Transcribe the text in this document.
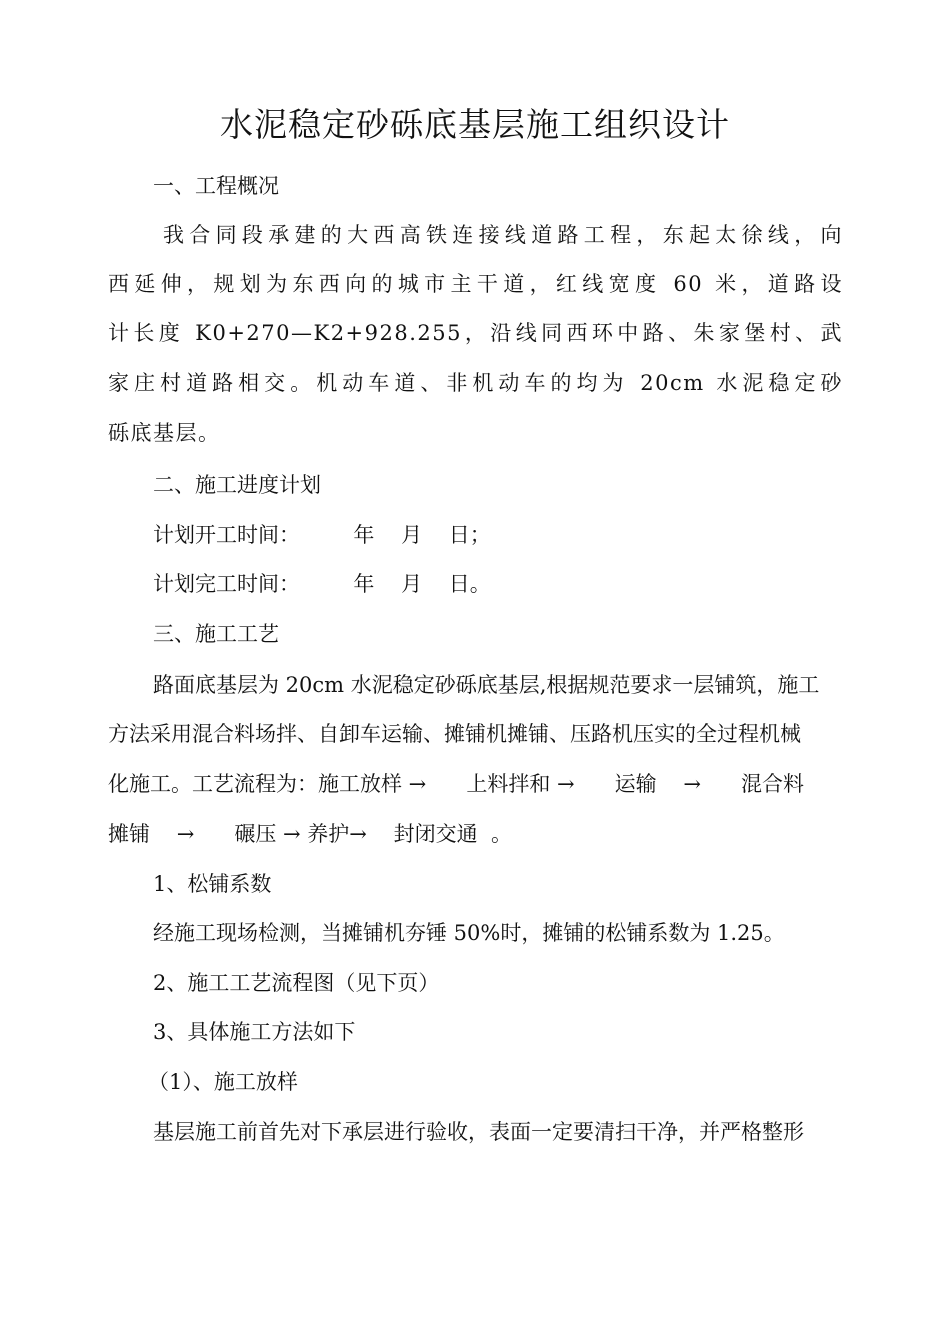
水泥稳定砂砾底基层施工组织设计
一、工程概况
我合同段承建的大西高铁连接线道路工程，东起太徐线，向
西延伸，规划为东西向的城市主干道，红线宽度 60 米，道路设
计长度 K0+270—K2+928.255，沿线同西环中路、朱家堡村、武
家庄村道路相交。机动车道、非机动车的均为 20cm 水泥稳定砂
砾底基层。
二、施工进度计划
计划开工时间：        年    月    日；
计划完工时间：        年    月    日。
三、施工工艺
路面底基层为 20cm 水泥稳定砂砾底基层,根据规范要求一层铺筑，施工
方法采用混合料场拌、自卸车运输、摊铺机摊铺、压路机压实的全过程机械
化施工。工艺流程为：施工放样 →      上料拌和 →      运输    →      混合料
摊铺    →      碾压 → 养护→    封闭交通  。
1、松铺系数
经施工现场检测，当摊铺机夯锤 50%时，摊铺的松铺系数为 1.25。
2、施工工艺流程图（见下页）
3、具体施工方法如下
（1）、施工放样
基层施工前首先对下承层进行验收，表面一定要清扫干净，并严格整形
